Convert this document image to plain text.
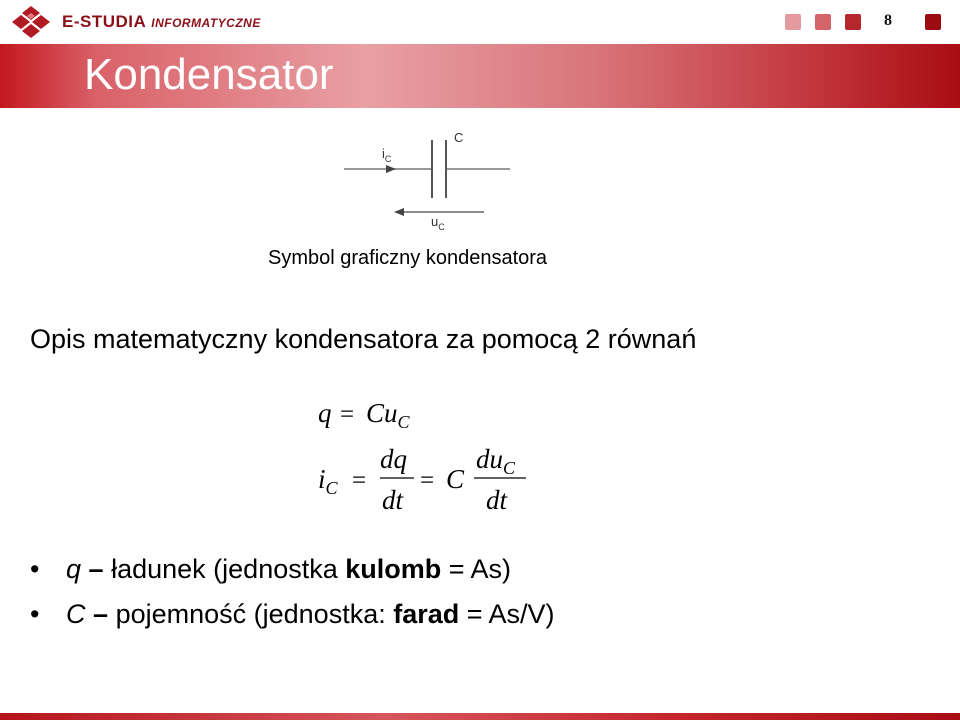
E-STUDIA INFORMATYCZNE	8
Kondensator
C
$i_C$
$u_C$
Symbol graficzny kondensatora
Opis matematyczny kondensatora za pomocą 2 równań
$q = Cu_C$
$i_C$ =
dq
dt
= C
$du_C$
dt
• q – ładunek (jednostka kulomb = As)
• C – pojemność (jednostka: farad = As/V)
